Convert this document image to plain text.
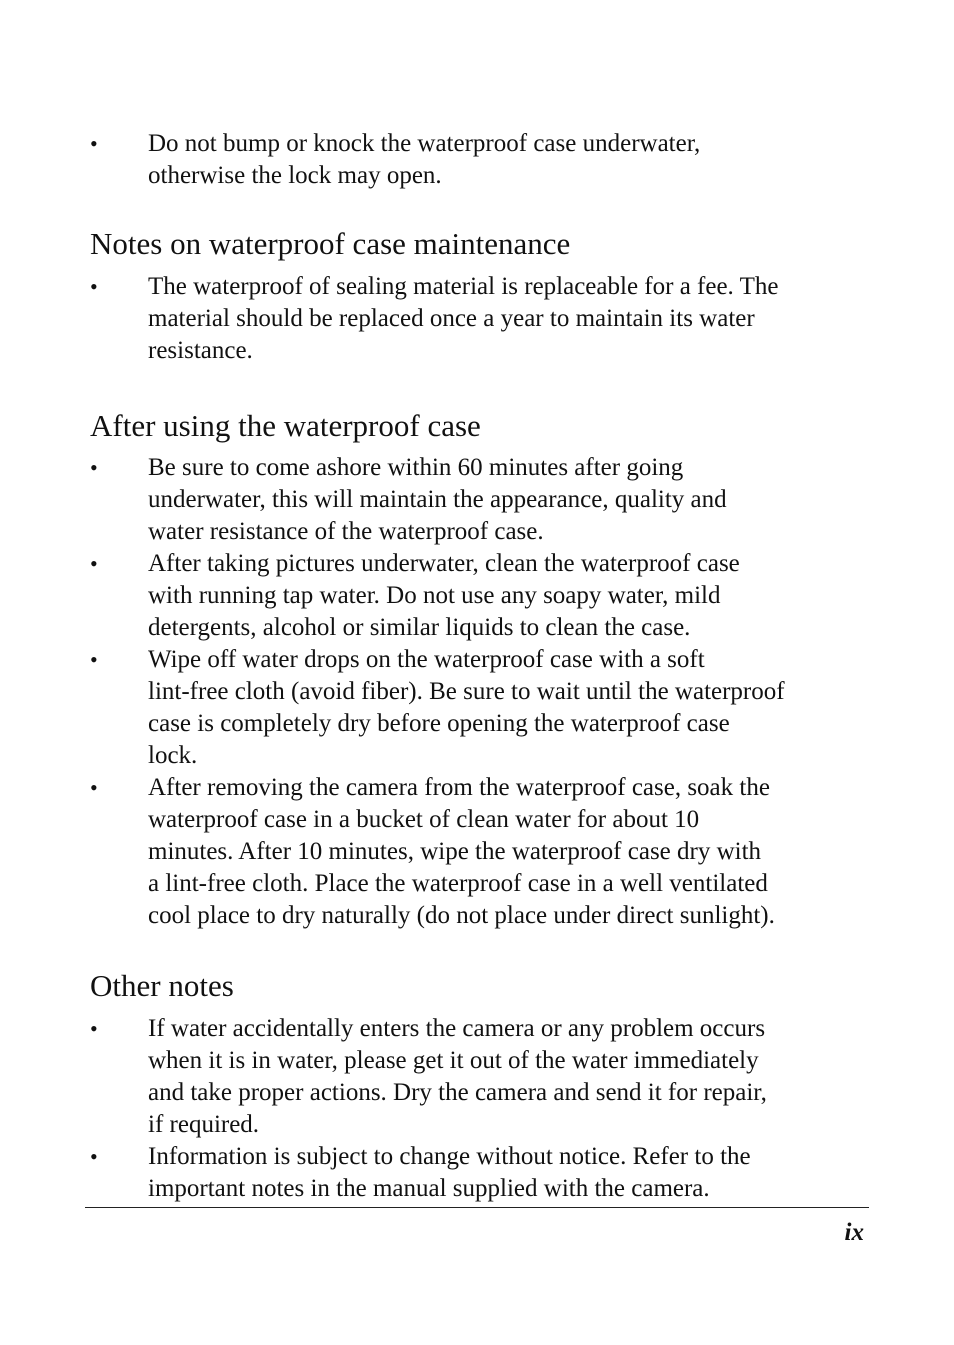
• Do not bump or knock the waterproof case underwater,
otherwise the lock may open.
Notes on waterproof case maintenance
• The waterproof of sealing material is replaceable for a fee. The
material should be replaced once a year to maintain its water
resistance.
After using the waterproof case
• Be sure to come ashore within 60 minutes after going
underwater, this will maintain the appearance, quality and
water resistance of the waterproof case.
• After taking pictures underwater, clean the waterproof case
with running tap water. Do not use any soapy water, mild
detergents, alcohol or similar liquids to clean the case.
• Wipe off water drops on the waterproof case with a soft
lint-free cloth (avoid fiber). Be sure to wait until the waterproof
case is completely dry before opening the waterproof case
lock.
• After removing the camera from the waterproof case, soak the
waterproof case in a bucket of clean water for about 10
minutes. After 10 minutes, wipe the waterproof case dry with
a lint-free cloth. Place the waterproof case in a well ventilated
cool place to dry naturally (do not place under direct sunlight).
Other notes
• If water accidentally enters the camera or any problem occurs
when it is in water, please get it out of the water immediately
and take proper actions. Dry the camera and send it for repair,
if required.
• Information is subject to change without notice. Refer to the
important notes in the manual supplied with the camera.
ix
